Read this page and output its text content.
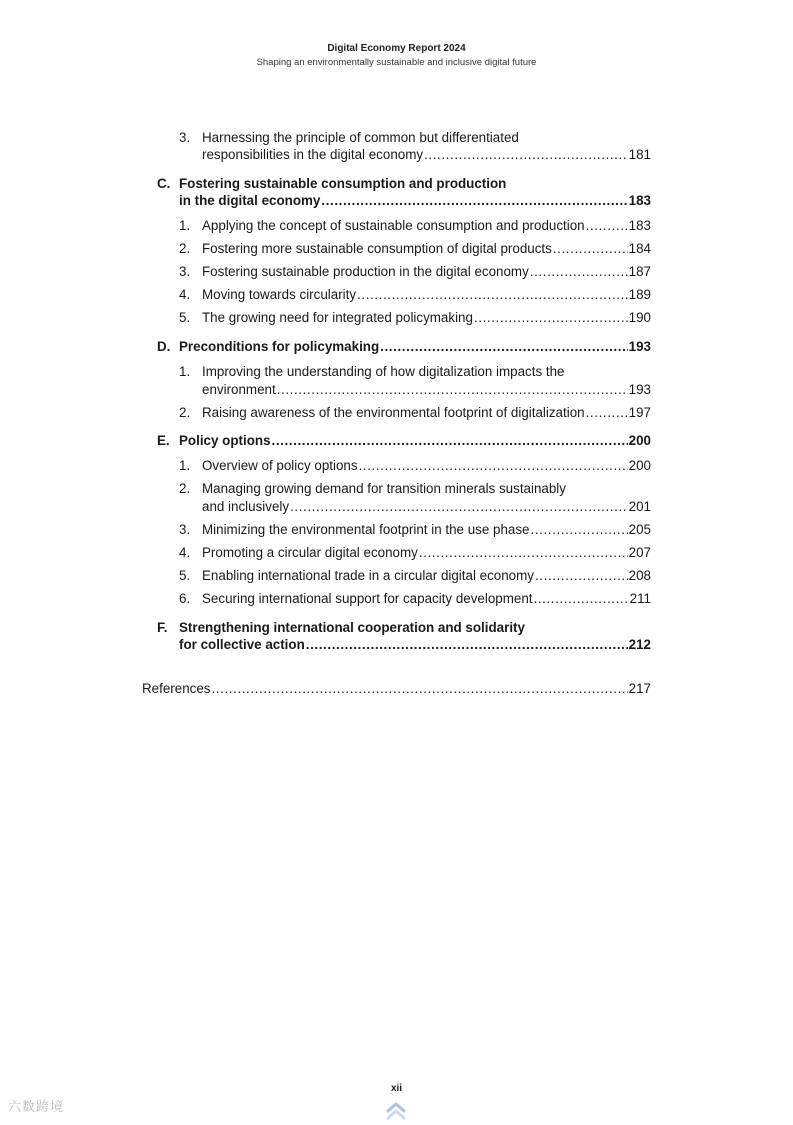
Digital Economy Report 2024
Shaping an environmentally sustainable and inclusive digital future
3. Harnessing the principle of common but differentiated
responsibilities in the digital economy .....	181
C. Fostering sustainable consumption and production
in the digital economy .....	183
1. Applying the concept of sustainable consumption and production .....	183
2. Fostering more sustainable consumption of digital products .....	184
3. Fostering sustainable production in the digital economy .....	187
4. Moving towards circularity .....	189
5. The growing need for integrated policymaking .....	190
D. Preconditions for policymaking .....	193
1. Improving the understanding of how digitalization impacts the
environment .....	193
2. Raising awareness of the environmental footprint of digitalization .....	197
E. Policy options .....	200
1. Overview of policy options .....	200
2. Managing growing demand for transition minerals sustainably
and inclusively .....	201
3. Minimizing the environmental footprint in the use phase .....	205
4. Promoting a circular digital economy .....	207
5. Enabling international trade in a circular digital economy .....	208
6. Securing international support for capacity development .....	211
F. Strengthening international cooperation and solidarity
for collective action .....	212
References .....	217
xii
六数跨境
